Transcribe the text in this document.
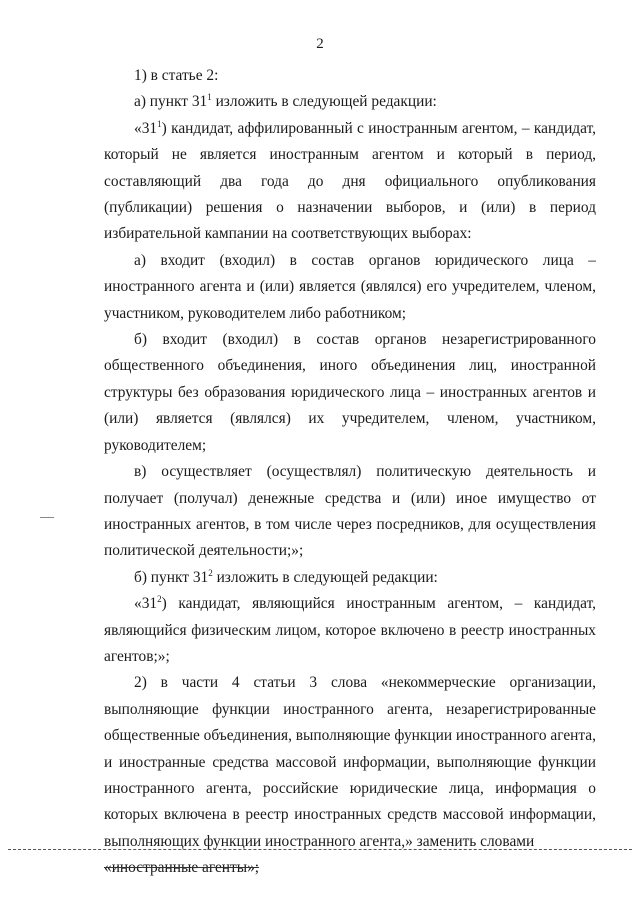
2

1) в статье 2:

а) пункт $31^1$ изложить в следующей редакции:

«$31^1$) кандидат, аффилированный с иностранным агентом, – кандидат, который не является иностранным агентом и который в период, составляющий два года до дня официального опубликования (публикации) решения о назначении выборов, и (или) в период избирательной кампании на соответствующих выборах:

а) входит (входил) в состав органов юридического лица – иностранного агента и (или) является (являлся) его учредителем, членом, участником, руководителем либо работником;

б) входит (входил) в состав органов незарегистрированного общественного объединения, иного объединения лиц, иностранной структуры без образования юридического лица – иностранных агентов и (или) является (являлся) их учредителем, членом, участником, руководителем;

в) осуществляет (осуществлял) политическую деятельность и получает (получал) денежные средства и (или) иное имущество от иностранных агентов, в том числе через посредников, для осуществления политической деятельности;»;

б) пункт $31^2$ изложить в следующей редакции:

«$31^2$) кандидат, являющийся иностранным агентом, – кандидат, являющийся физическим лицом, которое включено в реестр иностранных агентов;»;

2) в части 4 статьи 3 слова «некоммерческие организации, выполняющие функции иностранного агента, незарегистрированные общественные объединения, выполняющие функции иностранного агента, и иностранные средства массовой информации, выполняющие функции иностранного агента, российские юридические лица, информация о которых включена в реестр иностранных средств массовой информации, выполняющих функции иностранного агента,» заменить словами

«иностранные агенты»;
